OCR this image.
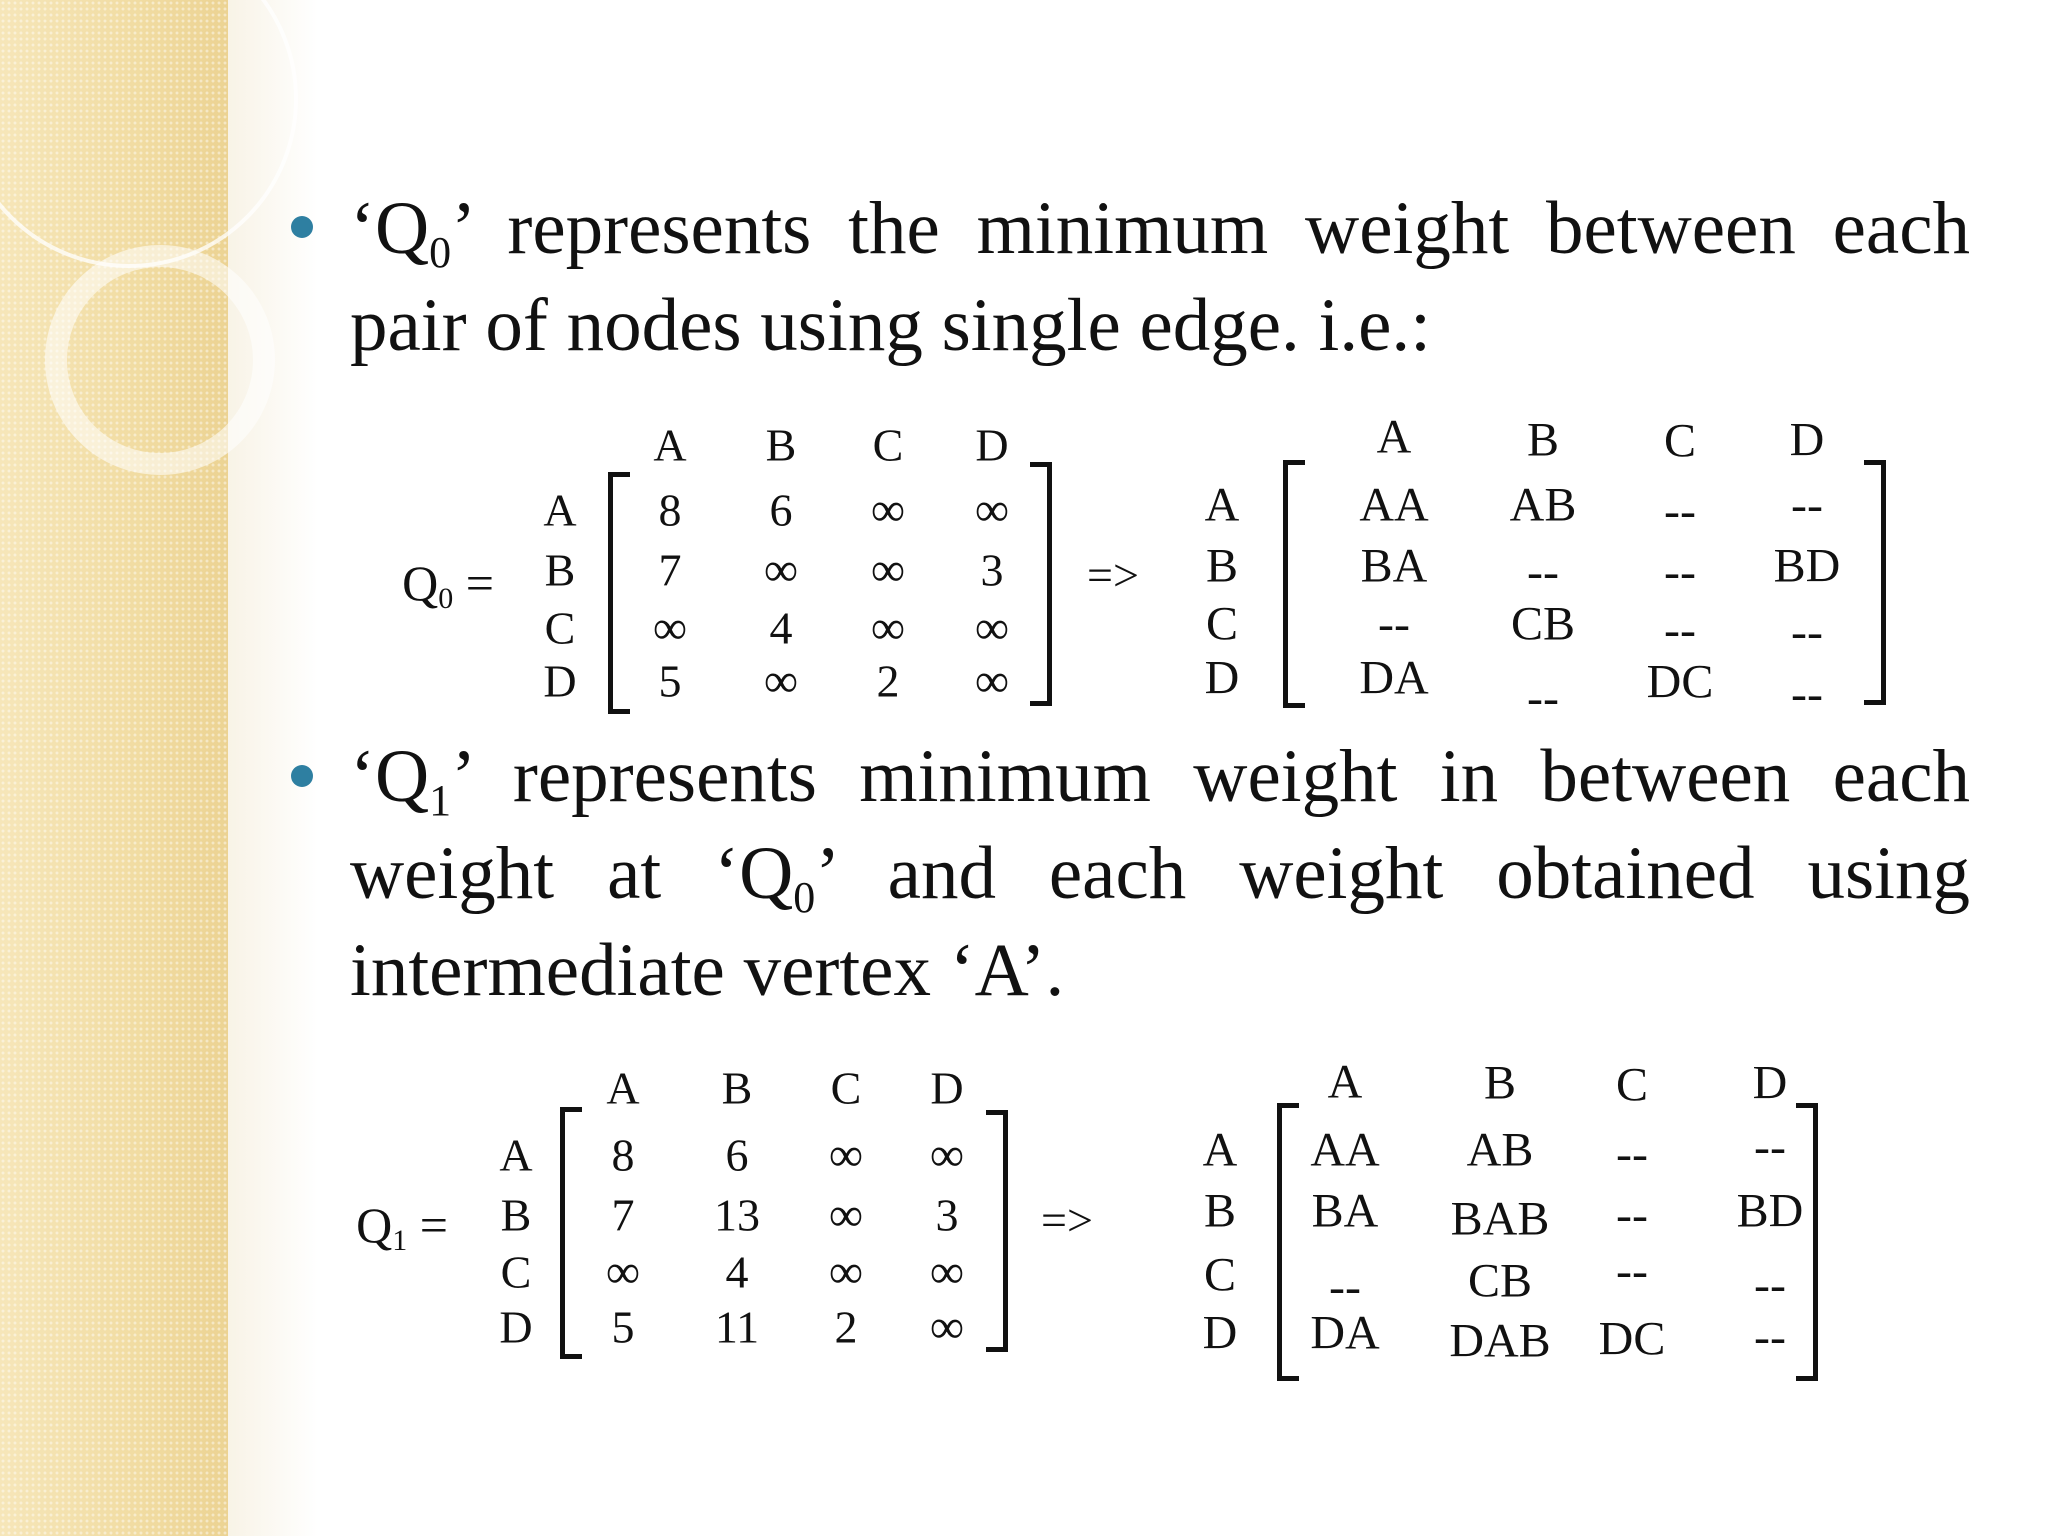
‘$Q_0$’ represents the minimum weight between each pair of nodes using single edge. i.e.:
‘$Q_1$’ represents minimum weight in between each weight at ‘$Q_0$’ and each weight obtained using intermediate vertex ‘A’.
$Q_0$ =
A B C D
A
B
C
D
8 6 ∞ ∞
7 ∞ ∞ 3
∞ 4 ∞ ∞
5 ∞ 2 ∞
=>
A B C D
A
B
C
D
AA AB -- --
BA -- -- BD
-- CB -- --
DA -- DC --
$Q_1$ =
A B C D
A
B
C
D
8 6 ∞ ∞
7 13 ∞ 3
∞ 4 ∞ ∞
5 11 2 ∞
=>
A	B C D
A
B
C
D
AA AB -- --
BA BAB -- BD
-- CB -- --
DA DAB DC --
